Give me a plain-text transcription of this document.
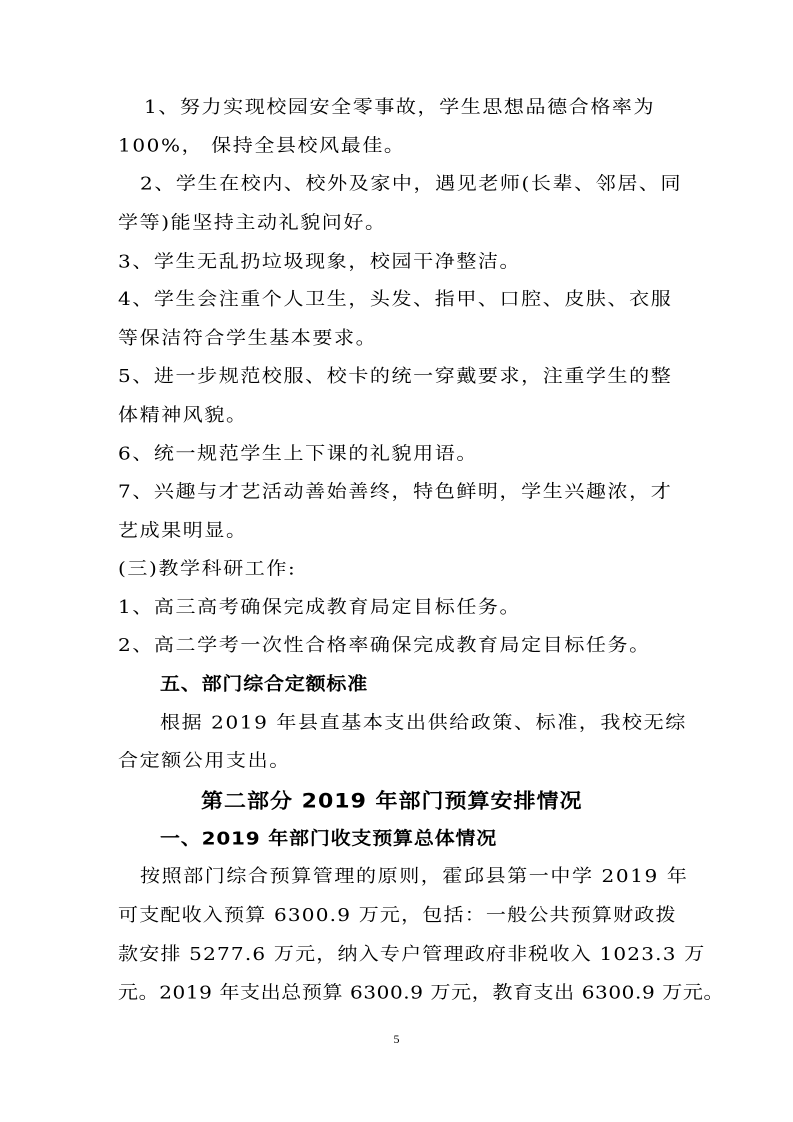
1、努力实现校园安全零事故，学生思想品德合格率为
100%， 保持全县校风最佳。
2、学生在校内、校外及家中，遇见老师(长辈、邻居、同
学等)能坚持主动礼貌问好。
3、学生无乱扔垃圾现象，校园干净整洁。
4、学生会注重个人卫生，头发、指甲、口腔、皮肤、衣服
等保洁符合学生基本要求。
5、进一步规范校服、校卡的统一穿戴要求，注重学生的整
体精神风貌。
6、统一规范学生上下课的礼貌用语。
7、兴趣与才艺活动善始善终，特色鲜明，学生兴趣浓，才
艺成果明显。
(三)教学科研工作:
1、高三高考确保完成教育局定目标任务。
2、高二学考一次性合格率确保完成教育局定目标任务。
五、部门综合定额标准
根据 2019 年县直基本支出供给政策、标准，我校无综
合定额公用支出。
第二部分 2019 年部门预算安排情况
一、2019 年部门收支预算总体情况
按照部门综合预算管理的原则，霍邱县第一中学 2019 年
可支配收入预算 6300.9 万元，包括：一般公共预算财政拨
款安排 5277.6 万元，纳入专户管理政府非税收入 1023.3 万
元。2019 年支出总预算 6300.9 万元，教育支出 6300.9 万元。
5
